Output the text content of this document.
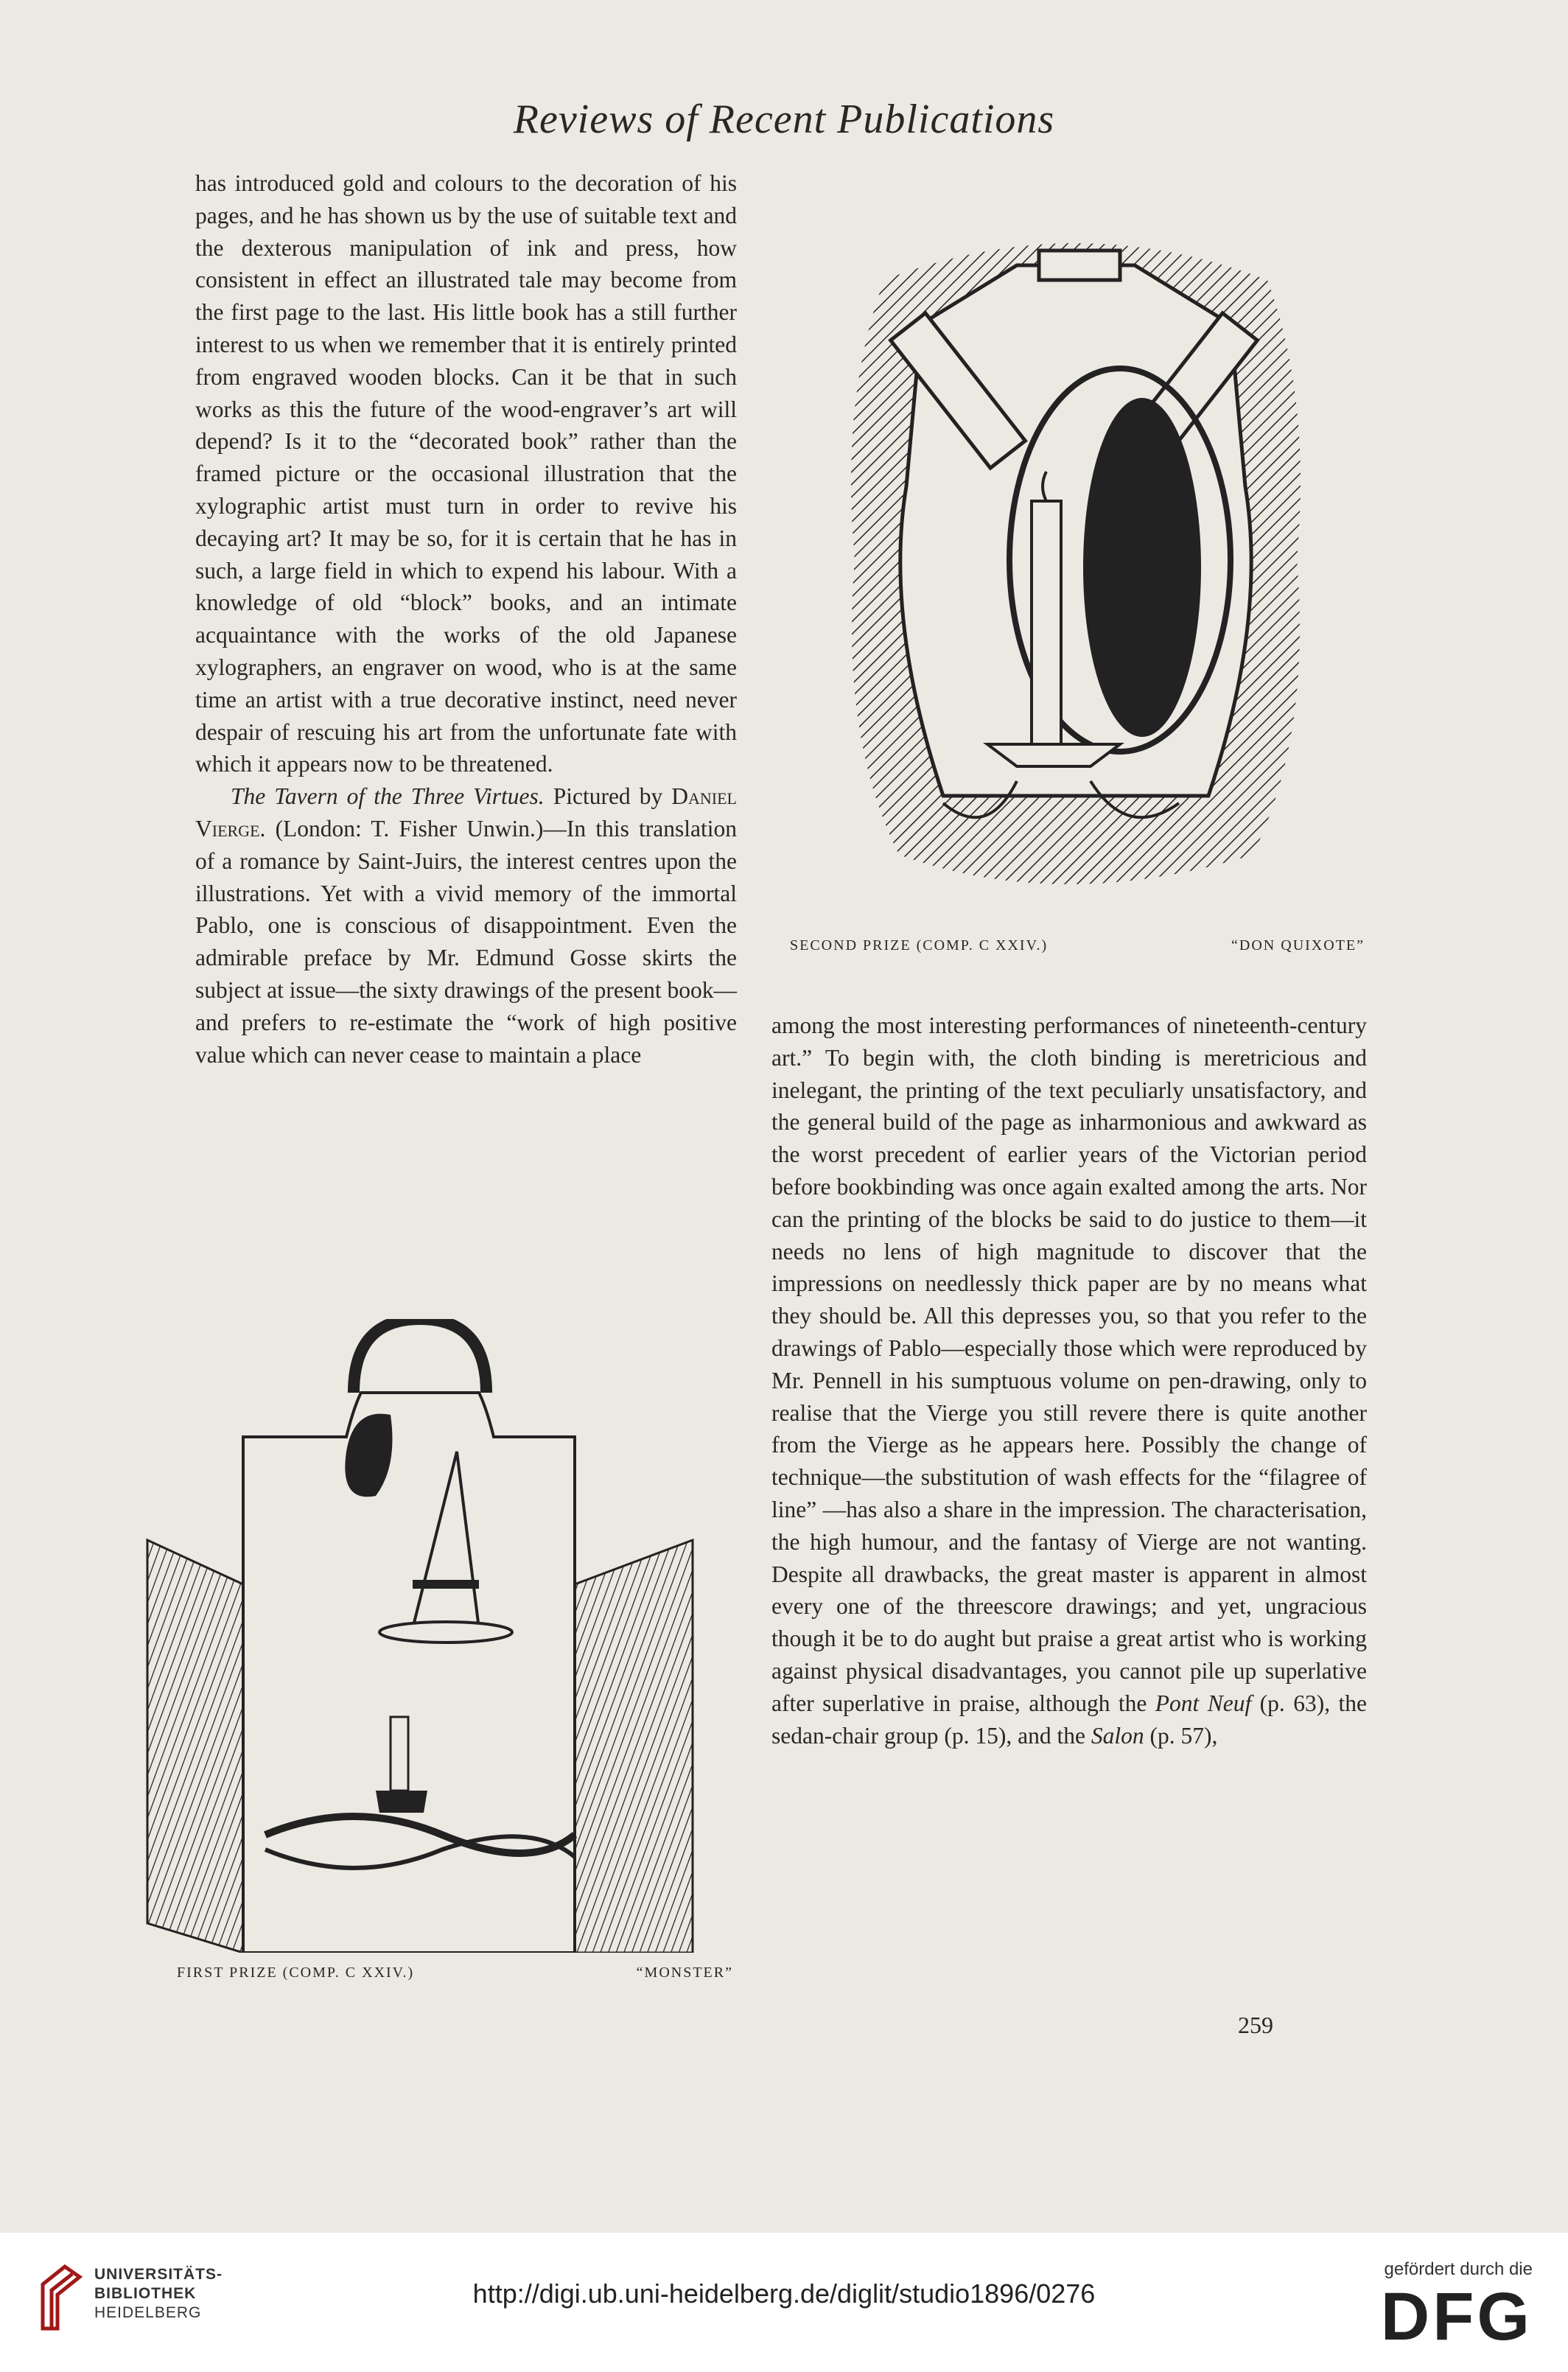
Reviews of Recent Publications

has introduced gold and colours to the decoration of his pages, and he has shown us by the use of suitable text and the dexterous manipulation of ink and press, how consistent in effect an illustrated tale may become from the first page to the last. His little book has a still further interest to us when we remember that it is entirely printed from engraved wooden blocks. Can it be that in such works as this the future of the wood-engraver’s art will depend? Is it to the “decorated book” rather than the framed picture or the occasional illustration that the xylographic artist must turn in order to revive his decaying art? It may be so, for it is certain that he has in such, a large field in which to expend his labour. With a knowledge of old “block” books, and an intimate acquaintance with the works of the old Japanese xylographers, an engraver on wood, who is at the same time an artist with a true decorative instinct, need never despair of rescuing his art from the unfortunate fate with which it appears now to be threatened.

The Tavern of the Three Virtues. Pictured by Daniel Vierge. (London: T. Fisher Unwin.)—In this translation of a romance by Saint-Juirs, the interest centres upon the illustrations. Yet with a vivid memory of the immortal Pablo, one is conscious of disappointment. Even the admirable preface by Mr. Edmund Gosse skirts the subject at issue—the sixty drawings of the present book—and prefers to re-estimate the “work of high positive value which can never cease to maintain a place

SECOND PRIZE (COMP. C XXIV.)	“DON QUIXOTE”

among the most interesting performances of nineteenth-century art.” To begin with, the cloth binding is meretricious and inelegant, the printing of the text peculiarly unsatisfactory, and the general build of the page as inharmonious and awkward as the worst precedent of earlier years of the Victorian period before bookbinding was once again exalted among the arts. Nor can the printing of the blocks be said to do justice to them—it needs no lens of high magnitude to discover that the impressions on needlessly thick paper are by no means what they should be. All this depresses you, so that you refer to the drawings of Pablo—especially those which were reproduced by Mr. Pennell in his sumptuous volume on pen-drawing, only to realise that the Vierge you still revere there is quite another from the Vierge as he appears here. Possibly the change of technique—the substitution of wash effects for the “filagree of line” —has also a share in the impression. The characterisation, the high humour, and the fantasy of Vierge are not wanting. Despite all drawbacks, the great master is apparent in almost every one of the threescore drawings; and yet, ungracious though it be to do aught but praise a great artist who is working against physical disadvantages, you cannot pile up superlative after superlative in praise, although the Pont Neuf (p. 63), the sedan-chair group (p. 15), and the Salon (p. 57),

FIRST PRIZE (COMP. C XXIV.)	“MONSTER”
259
UNIVERSITÄTS-
BIBLIOTHEK
HEIDELBERG
http://digi.ub.uni-heidelberg.de/diglit/studio1896/0276
gefördert durch die
DFG
